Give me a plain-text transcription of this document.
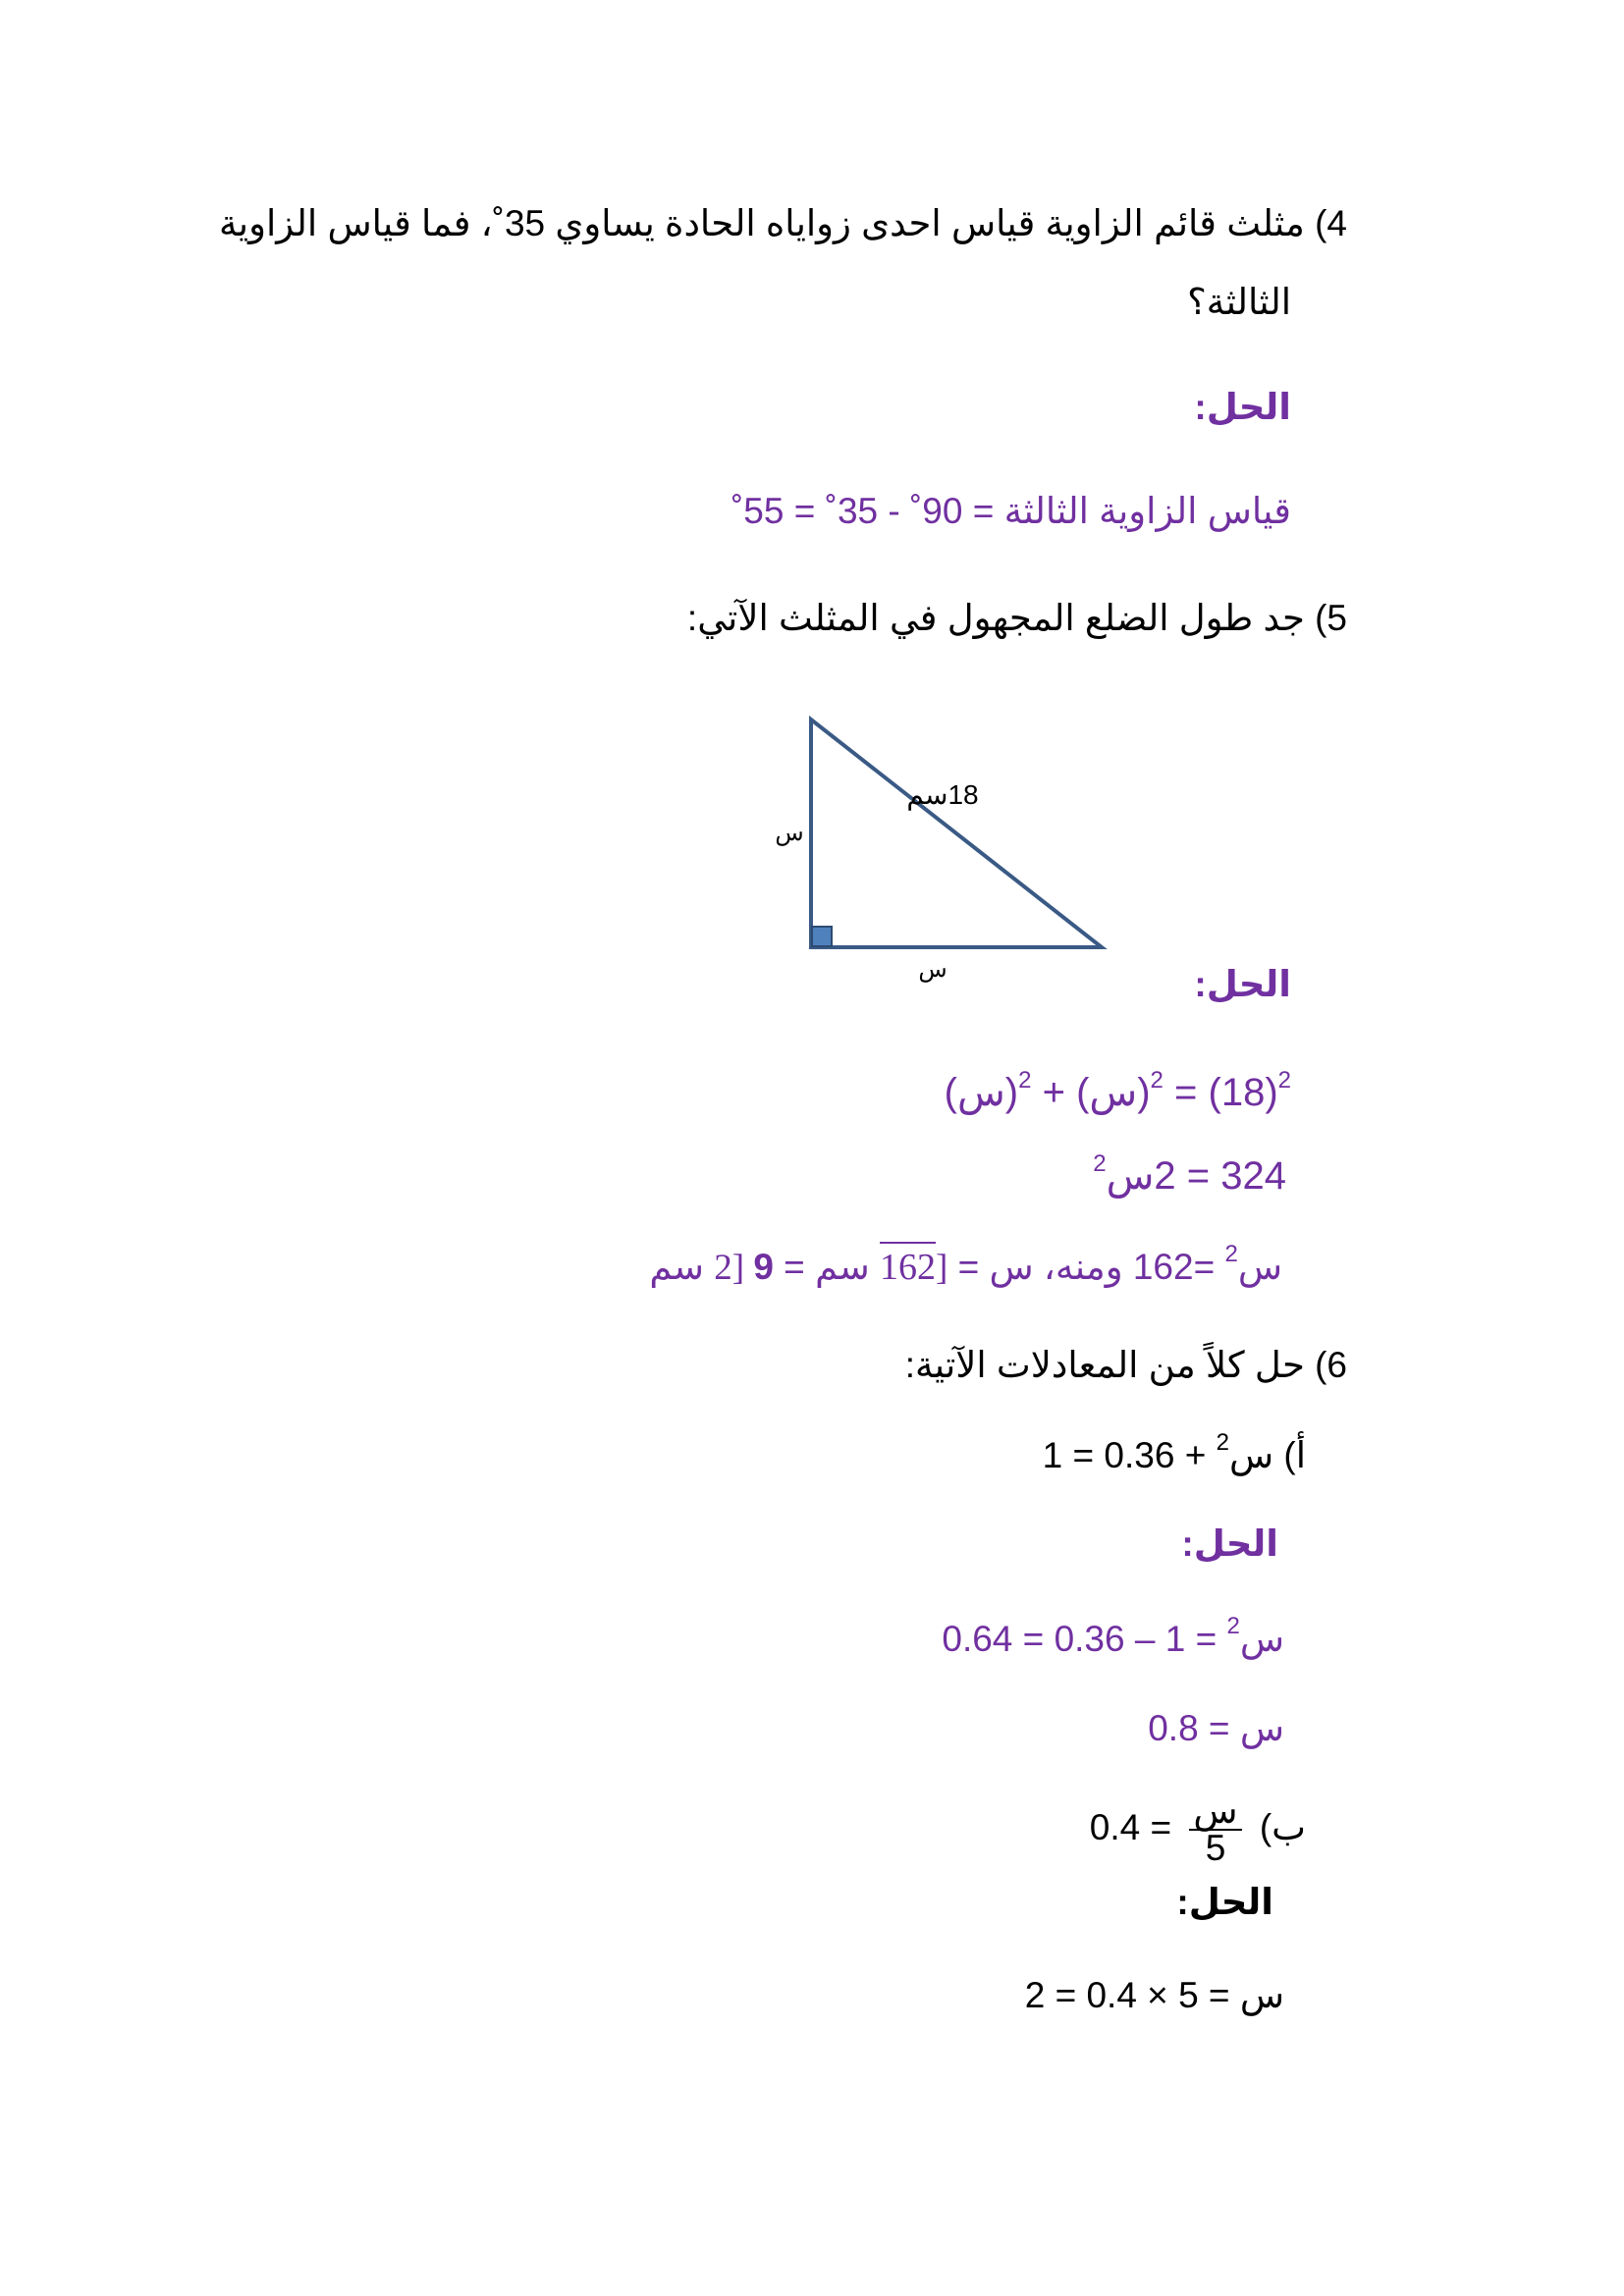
4) مثلث قائم الزاوية قياس احدى زواياه الحادة يساوي 35˚، فما قياس الزاوية
الثالثة؟
الحل:
قياس الزاوية الثالثة = 90˚ - 35˚ = 55˚
5) جد طول الضلع المجهول في المثلث الآتي:
18سم
س
س	الحل:
(س)$^2$ + (س)$^2$ = $(18)^2$
324 = 2س$^2$
س$^2$ =162 ومنه، س = [162 سم = 9 [2 سم
6) حل كلاً من المعادلات الآتية:
أ) س$^2$ + 0.36 = 1
الحل:
س$^2$ = 1 – 0.36 = 0.64
س = 0.8
ب)
$\frac{\text{س}}{5}$
= 0.4
الحل:
س = 5 × 0.4 = 2
